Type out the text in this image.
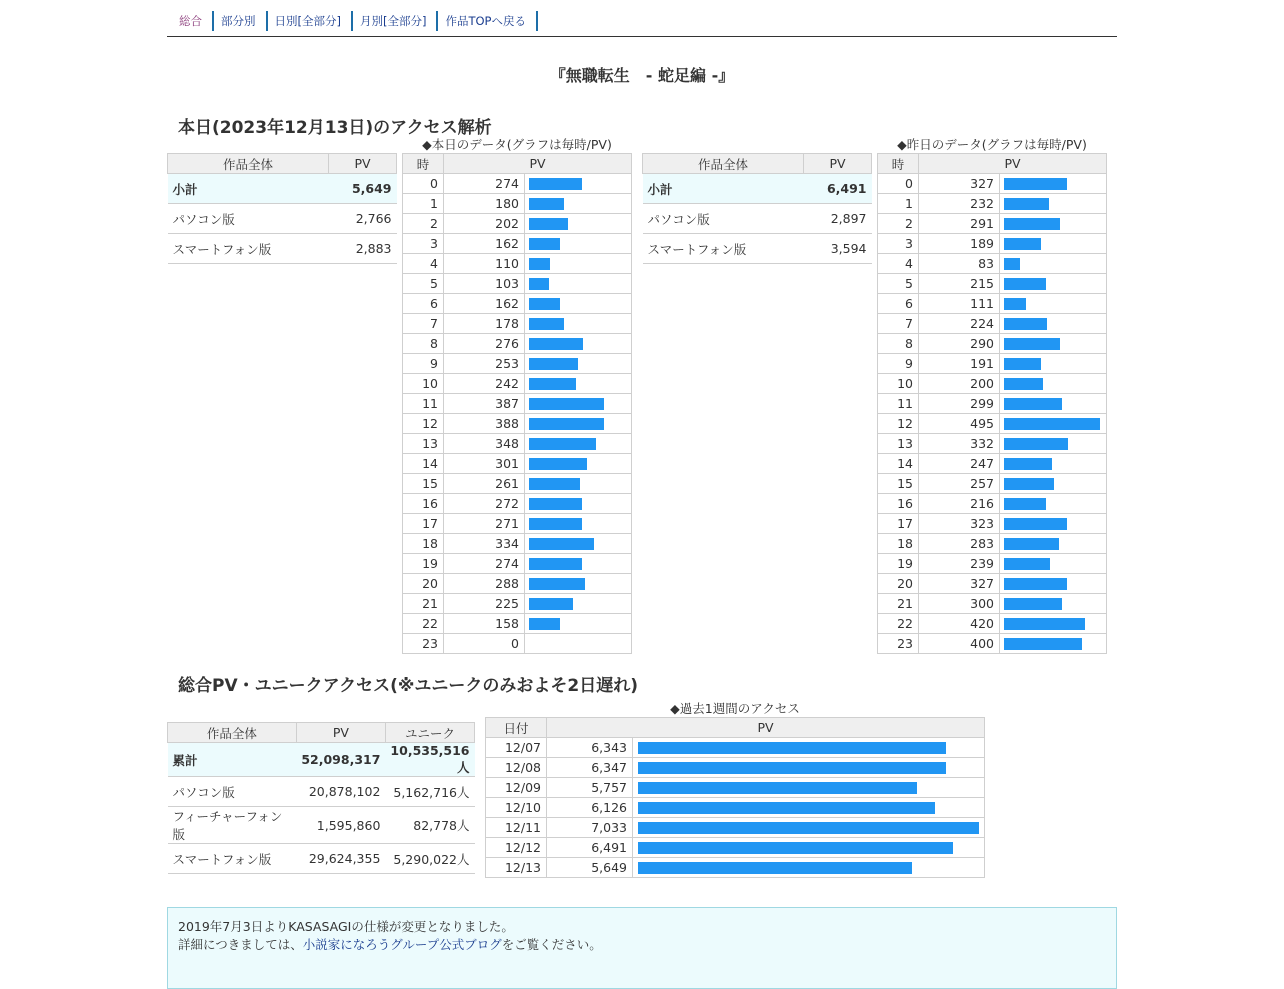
総合	部分別	日別[全部分]	月別[全部分]	作品TOPへ戻る
『無職転生　- 蛇足編 -』
本日(2023年12月13日)のアクセス解析
作品全体	PV
小計	5,649
パソコン版	2,766
スマートフォン版	2,883
◆本日のデータ(グラフは毎時/PV)
時	PV	
0	274	

1	180	

2	202	

3	162	

4	110	

5	103	

6	162	

7	178	

8	276	

9	253	

10	242	

11	387	

12	388	

13	348	

14	301	

15	261	

16	272	

17	271	

18	334	

19	274	

20	288	

21	225	

22	158	

23	0	
作品全体	PV
小計	6,491
パソコン版	2,897
スマートフォン版	3,594
◆昨日のデータ(グラフは毎時/PV)
時	PV	
0	327	

1	232	

2	291	

3	189	

4	83	

5	215	

6	111	

7	224	

8	290	

9	191	

10	200	

11	299	

12	495	

13	332	

14	247	

15	257	

16	216	

17	323	

18	283	

19	239	

20	327	

21	300	

22	420	

23	400	
総合PV・ユニークアクセス(※ユニークのみおよそ2日遅れ)
作品全体	PV	ユニーク
累計	52,098,317	10,535,516人
パソコン版	20,878,102	5,162,716人
フィーチャーフォン版	1,595,860	82,778人
スマートフォン版	29,624,355	5,290,022人
◆過去1週間のアクセス
日付	PV	
12/07	6,343	

12/08	6,347	

12/09	5,757	

12/10	6,126	

12/11	7,033	

12/12	6,491	

12/13	5,649	
2019年7月3日よりKASASAGIの仕様が変更となりました。
詳細につきましては、小説家になろうグループ公式ブログをご覧ください。
